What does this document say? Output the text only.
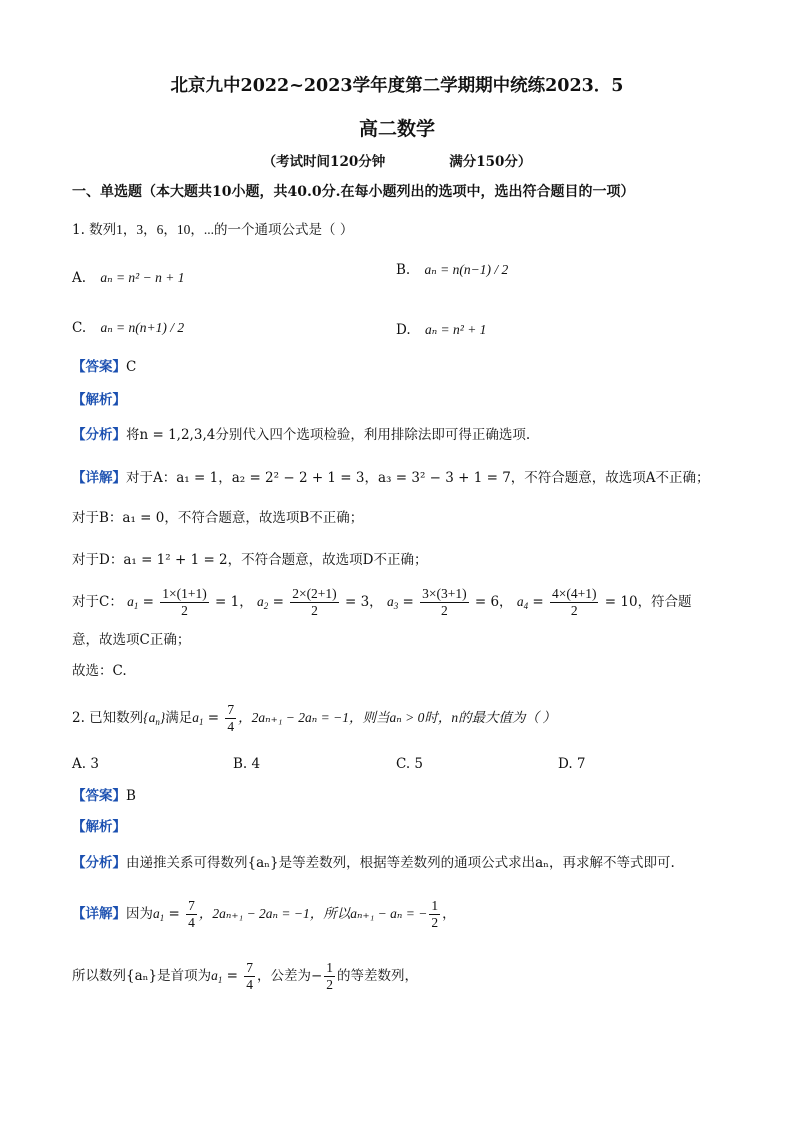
北京九中2022~2023学年度第二学期期中统练2023．5
高二数学
（考试时间120分钟	满分150分）
一、单选题（本大题共10小题，共40.0分.在每小题列出的选项中，选出符合题目的一项）
1. 数列1，3，6，10，...的一个通项公式是（ ）
A. aₙ = n² − n + 1	B. aₙ = n(n−1) / 2
C. aₙ = n(n+1) / 2	D. aₙ = n² + 1
【答案】C
【解析】
【分析】将n = 1,2,3,4分别代入四个选项检验，利用排除法即可得正确选项.
【详解】对于A：a₁ = 1，a₂ = 2² − 2 + 1 = 3，a₃ = 3² − 3 + 1 = 7，不符合题意，故选项A不正确；
对于B：a₁ = 0，不符合题意，故选项B不正确；
对于D：a₁ = 1² + 1 = 2，不符合题意，故选项D不正确；
对于C： $a_1 = \frac{1\times(1+1)}{2} = 1$， $a_2 = \frac{2\times(2+1)}{2} = 3$， $a_3 = \frac{3\times(3+1)}{2} = 6$， $a_4 = \frac{4\times(4+1)}{2} = 10$，符合题
意，故选项C正确；
故选：C.
2. 已知数列$\{a_n\}$满足$a_1 = \frac{7}{4}$ ，2aₙ₊₁ − 2aₙ = −1，则当aₙ > 0时，n的最大值为（ ）
A. 3	B. 4	C. 5	D. 7
【答案】B
【解析】
【分析】由递推关系可得数列{aₙ}是等差数列，根据等差数列的通项公式求出aₙ，再求解不等式即可.
【详解】因为$a_1 = \frac{7}{4}$ ，2aₙ₊₁ − 2aₙ = −1，所以aₙ₊₁ − aₙ = − $\frac{1}{2}$ ，
所以数列{aₙ}是首项为$a_1 = \frac{7}{4}$ ，公差为− $\frac{1}{2}$ 的等差数列，
